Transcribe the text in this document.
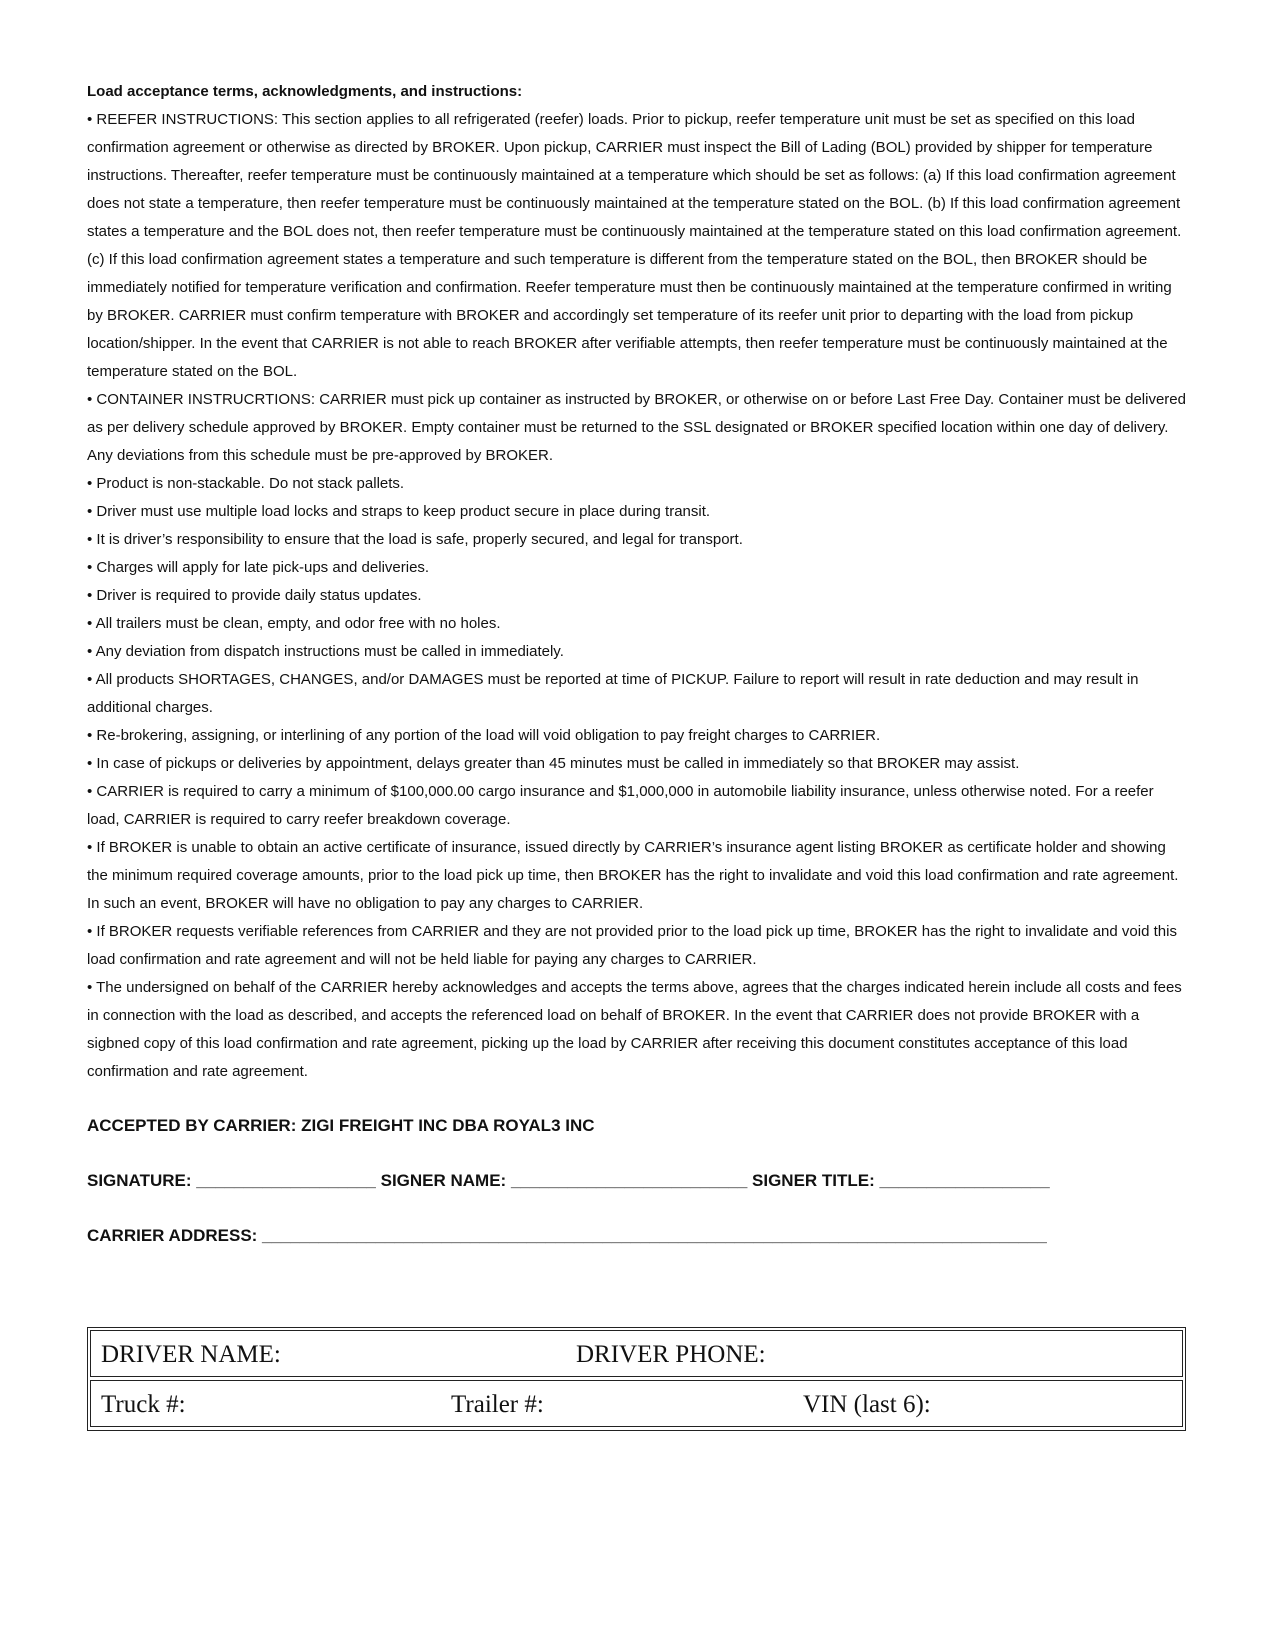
Load acceptance terms, acknowledgments, and instructions:
• REEFER INSTRUCTIONS: This section applies to all refrigerated (reefer) loads. Prior to pickup, reefer temperature unit must be set as specified on this load confirmation agreement or otherwise as directed by BROKER. Upon pickup, CARRIER must inspect the Bill of Lading (BOL) provided by shipper for temperature instructions. Thereafter, reefer temperature must be continuously maintained at a temperature which should be set as follows: (a) If this load confirmation agreement does not state a temperature, then reefer temperature must be continuously maintained at the temperature stated on the BOL. (b) If this load confirmation agreement states a temperature and the BOL does not, then reefer temperature must be continuously maintained at the temperature stated on this load confirmation agreement. (c) If this load confirmation agreement states a temperature and such temperature is different from the temperature stated on the BOL, then BROKER should be immediately notified for temperature verification and confirmation. Reefer temperature must then be continuously maintained at the temperature confirmed in writing by BROKER. CARRIER must confirm temperature with BROKER and accordingly set temperature of its reefer unit prior to departing with the load from pickup location/shipper. In the event that CARRIER is not able to reach BROKER after verifiable attempts, then reefer temperature must be continuously maintained at the temperature stated on the BOL.
• CONTAINER INSTRUCRTIONS: CARRIER must pick up container as instructed by BROKER, or otherwise on or before Last Free Day. Container must be delivered as per delivery schedule approved by BROKER. Empty container must be returned to the SSL designated or BROKER specified location within one day of delivery. Any deviations from this schedule must be pre-approved by BROKER.
• Product is non-stackable. Do not stack pallets.
• Driver must use multiple load locks and straps to keep product secure in place during transit.
• It is driver’s responsibility to ensure that the load is safe, properly secured, and legal for transport.
• Charges will apply for late pick-ups and deliveries.
• Driver is required to provide daily status updates.
• All trailers must be clean, empty, and odor free with no holes.
• Any deviation from dispatch instructions must be called in immediately.
• All products SHORTAGES, CHANGES, and/or DAMAGES must be reported at time of PICKUP. Failure to report will result in rate deduction and may result in additional charges.
• Re-brokering, assigning, or interlining of any portion of the load will void obligation to pay freight charges to CARRIER.
• In case of pickups or deliveries by appointment, delays greater than 45 minutes must be called in immediately so that BROKER may assist.
• CARRIER is required to carry a minimum of $100,000.00 cargo insurance and $1,000,000 in automobile liability insurance, unless otherwise noted. For a reefer load, CARRIER is required to carry reefer breakdown coverage.
• If BROKER is unable to obtain an active certificate of insurance, issued directly by CARRIER’s insurance agent listing BROKER as certificate holder and showing the minimum required coverage amounts, prior to the load pick up time, then BROKER has the right to invalidate and void this load confirmation and rate agreement. In such an event, BROKER will have no obligation to pay any charges to CARRIER.
• If BROKER requests verifiable references from CARRIER and they are not provided prior to the load pick up time, BROKER has the right to invalidate and void this load confirmation and rate agreement and will not be held liable for paying any charges to CARRIER.
• The undersigned on behalf of the CARRIER hereby acknowledges and accepts the terms above, agrees that the charges indicated herein include all costs and fees in connection with the load as described, and accepts the referenced load on behalf of BROKER. In the event that CARRIER does not provide BROKER with a sigbned copy of this load confirmation and rate agreement, picking up the load by CARRIER after receiving this document constitutes acceptance of this load confirmation and rate agreement.
ACCEPTED BY CARRIER: ZIGI FREIGHT INC DBA ROYAL3 INC
SIGNATURE: ___________________ SIGNER NAME: _________________________ SIGNER TITLE: __________________
CARRIER ADDRESS: ___________________________________________________________________________________
DRIVER NAME:	DRIVER PHONE:
Truck #:	Trailer #:	VIN (last 6):
